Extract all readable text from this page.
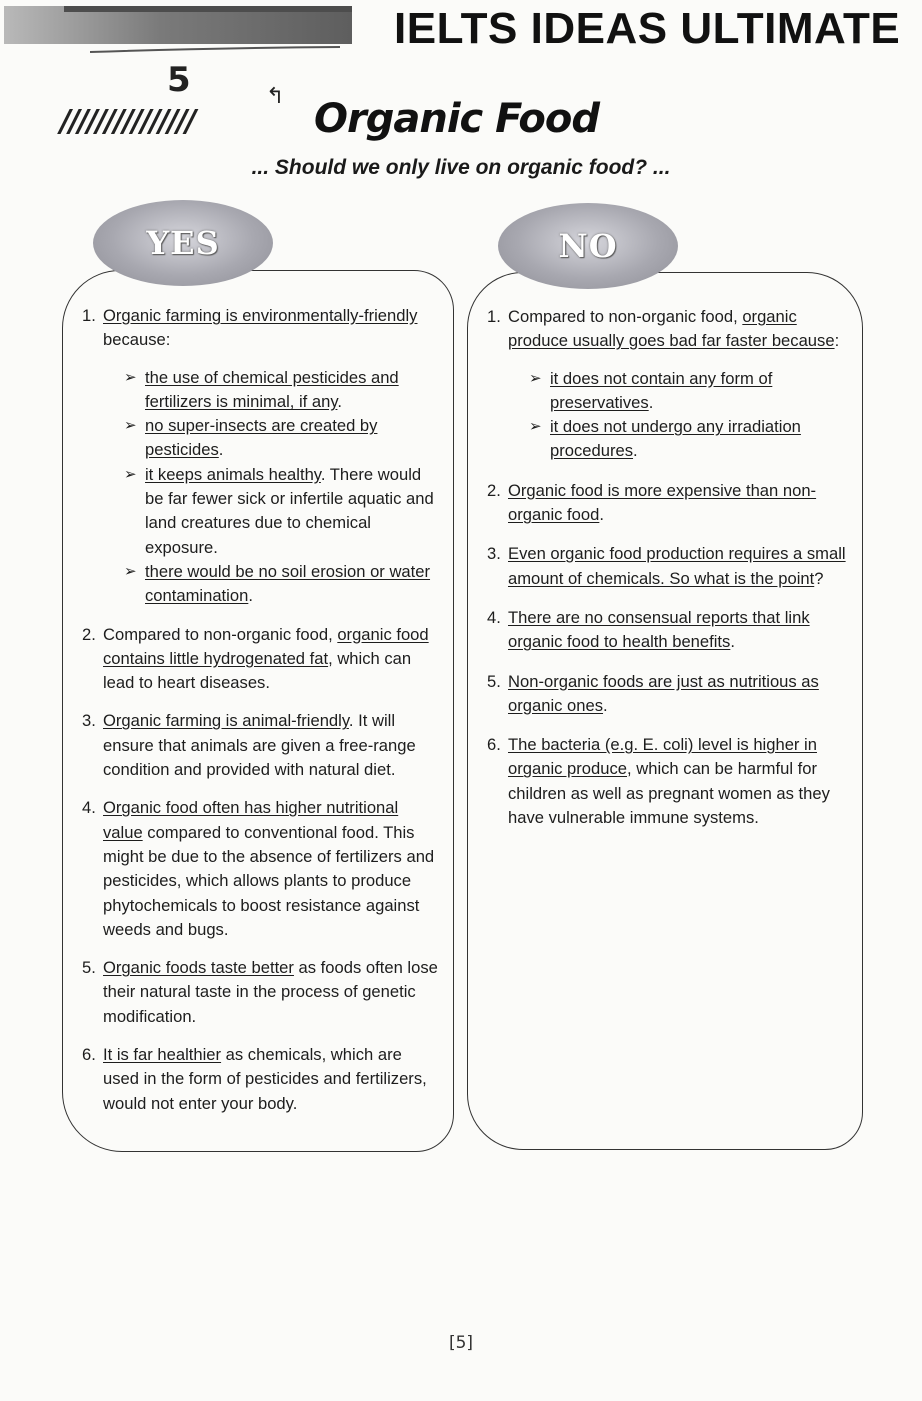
IELTS IDEAS ULTIMATE
5
///////////////
↰ Organic Food
... Should we only live on organic food? ...
YES	NO
1. Organic farming is environmentally-friendly because:
➢ the use of chemical pesticides and fertilizers is minimal, if any.
➢ no super-insects are created by pesticides.
➢ it keeps animals healthy. There would be far fewer sick or infertile aquatic and land creatures due to chemical exposure.
➢ there would be no soil erosion or water contamination.
2. Compared to non-organic food, organic food contains little hydrogenated fat, which can lead to heart diseases.
3. Organic farming is animal-friendly. It will ensure that animals are given a free-range condition and provided with natural diet.
4. Organic food often has higher nutritional value compared to conventional food. This might be due to the absence of fertilizers and pesticides, which allows plants to produce phytochemicals to boost resistance against weeds and bugs.
5. Organic foods taste better as foods often lose their natural taste in the process of genetic modification.
6. It is far healthier as chemicals, which are used in the form of pesticides and fertilizers, would not enter your body.
1. Compared to non-organic food, organic produce usually goes bad far faster because:
➢ it does not contain any form of preservatives.
➢ it does not undergo any irradiation procedures.
2. Organic food is more expensive than non-organic food.
3. Even organic food production requires a small amount of chemicals. So what is the point?
4. There are no consensual reports that link organic food to health benefits.
5. Non-organic foods are just as nutritious as organic ones.
6. The bacteria (e.g. E. coli) level is higher in organic produce, which can be harmful for children as well as pregnant women as they have vulnerable immune systems.
[5]
